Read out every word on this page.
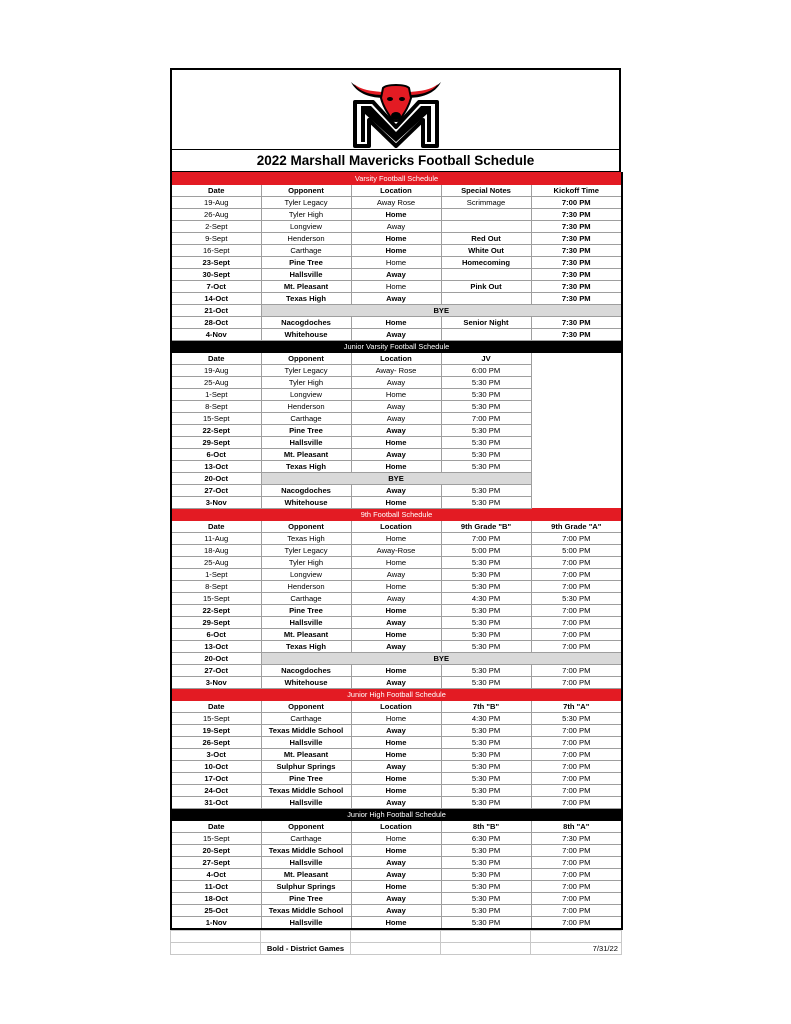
2022 Marshall Mavericks Football Schedule
Varsity Football Schedule				
Date	Opponent	Location	Special Notes	Kickoff Time
19-Aug	Tyler Legacy	Away Rose	Scrimmage	7:00 PM
26-Aug	Tyler High	Home		7:30 PM
2-Sept	Longview	Away		7:30 PM
9-Sept	Henderson	Home	Red Out	7:30 PM
16-Sept	Carthage	Home	White Out	7:30 PM
23-Sept	Pine Tree	Home	Homecoming	7:30 PM
30-Sept	Hallsville	Away		7:30 PM
7-Oct	Mt. Pleasant	Home	Pink Out	7:30 PM
14-Oct	Texas High	Away		7:30 PM
21-Oct	BYE			
28-Oct	Nacogdoches	Home	Senior Night	7:30 PM
4-Nov	Whitehouse	Away		7:30 PM
Junior Varsity Football Schedule				
Date	Opponent	Location	JV	
19-Aug	Tyler Legacy	Away- Rose	6:00 PM	
25-Aug	Tyler High	Away	5:30 PM	
1-Sept	Longview	Home	5:30 PM	
8-Sept	Henderson	Away	5:30 PM	
15-Sept	Carthage	Away	7:00 PM	
22-Sept	Pine Tree	Away	5:30 PM	
29-Sept	Hallsville	Home	5:30 PM	
6-Oct	Mt. Pleasant	Away	5:30 PM	
13-Oct	Texas High	Home	5:30 PM	
20-Oct	BYE			
27-Oct	Nacogdoches	Away	5:30 PM	
3-Nov	Whitehouse	Home	5:30 PM	
9th Football Schedule				
Date	Opponent	Location	9th Grade "B"	9th Grade "A"
11-Aug	Texas High	Home	7:00 PM	7:00 PM
18-Aug	Tyler Legacy	Away-Rose	5:00 PM	5:00 PM
25-Aug	Tyler High	Home	5:30 PM	7:00 PM
1-Sept	Longview	Away	5:30 PM	7:00 PM
8-Sept	Henderson	Home	5:30 PM	7:00 PM
15-Sept	Carthage	Away	4:30 PM	5:30 PM
22-Sept	Pine Tree	Home	5:30 PM	7:00 PM
29-Sept	Hallsville	Away	5:30 PM	7:00 PM
6-Oct	Mt. Pleasant	Home	5:30 PM	7:00 PM
13-Oct	Texas High	Away	5:30 PM	7:00 PM
20-Oct	BYE			
27-Oct	Nacogdoches	Home	5:30 PM	7:00 PM
3-Nov	Whitehouse	Away	5:30 PM	7:00 PM
Junior High Football Schedule				
Date	Opponent	Location	7th "B"	7th "A"
15-Sept	Carthage	Home	4:30 PM	5:30 PM
19-Sept	Texas Middle School	Away	5:30 PM	7:00 PM
26-Sept	Hallsville	Home	5:30 PM	7:00 PM
3-Oct	Mt. Pleasant	Home	5:30 PM	7:00 PM
10-Oct	Sulphur Springs	Away	5:30 PM	7:00 PM
17-Oct	Pine Tree	Home	5:30 PM	7:00 PM
24-Oct	Texas Middle School	Home	5:30 PM	7:00 PM
31-Oct	Hallsville	Away	5:30 PM	7:00 PM
Junior High Football Schedule				
Date	Opponent	Location	8th "B"	8th "A"
15-Sept	Carthage	Home	6:30 PM	7:30 PM
20-Sept	Texas Middle School	Home	5:30 PM	7:00 PM
27-Sept	Hallsville	Away	5:30 PM	7:00 PM
4-Oct	Mt. Pleasant	Away	5:30 PM	7:00 PM
11-Oct	Sulphur Springs	Home	5:30 PM	7:00 PM
18-Oct	Pine Tree	Away	5:30 PM	7:00 PM
25-Oct	Texas Middle School	Away	5:30 PM	7:00 PM
1-Nov	Hallsville	Home	5:30 PM	7:00 PM

	Bold - District Games			7/31/22
